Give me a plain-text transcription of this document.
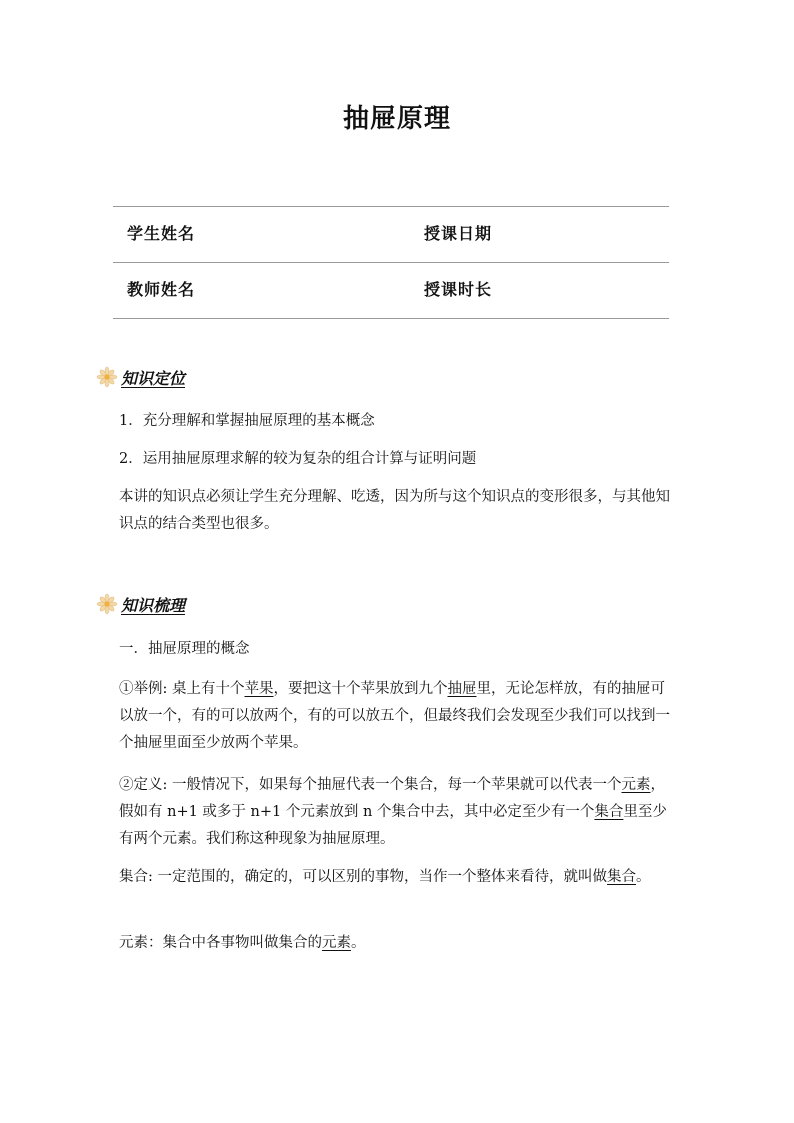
抽屉原理
学生姓名	授课日期
教师姓名	授课时长
知识定位

1．充分理解和掌握抽屉原理的基本概念

2．运用抽屉原理求解的较为复杂的组合计算与证明问题

本讲的知识点必须让学生充分理解、吃透，因为所与这个知识点的变形很多，与其他知识点的结合类型也很多。

知识梳理

一．抽屉原理的概念

①举例: 桌上有十个苹果，要把这十个苹果放到九个抽屉里，无论怎样放，有的抽屉可以放一个，有的可以放两个，有的可以放五个，但最终我们会发现至少我们可以找到一个抽屉里面至少放两个苹果。

②定义: 一般情况下，如果每个抽屉代表一个集合，每一个苹果就可以代表一个元素，假如有 n+1 或多于 n+1 个元素放到 n 个集合中去，其中必定至少有一个集合里至少有两个元素。我们称这种现象为抽屉原理。

集合: 一定范围的，确定的，可以区别的事物，当作一个整体来看待，就叫做集合。

元素：集合中各事物叫做集合的元素。
